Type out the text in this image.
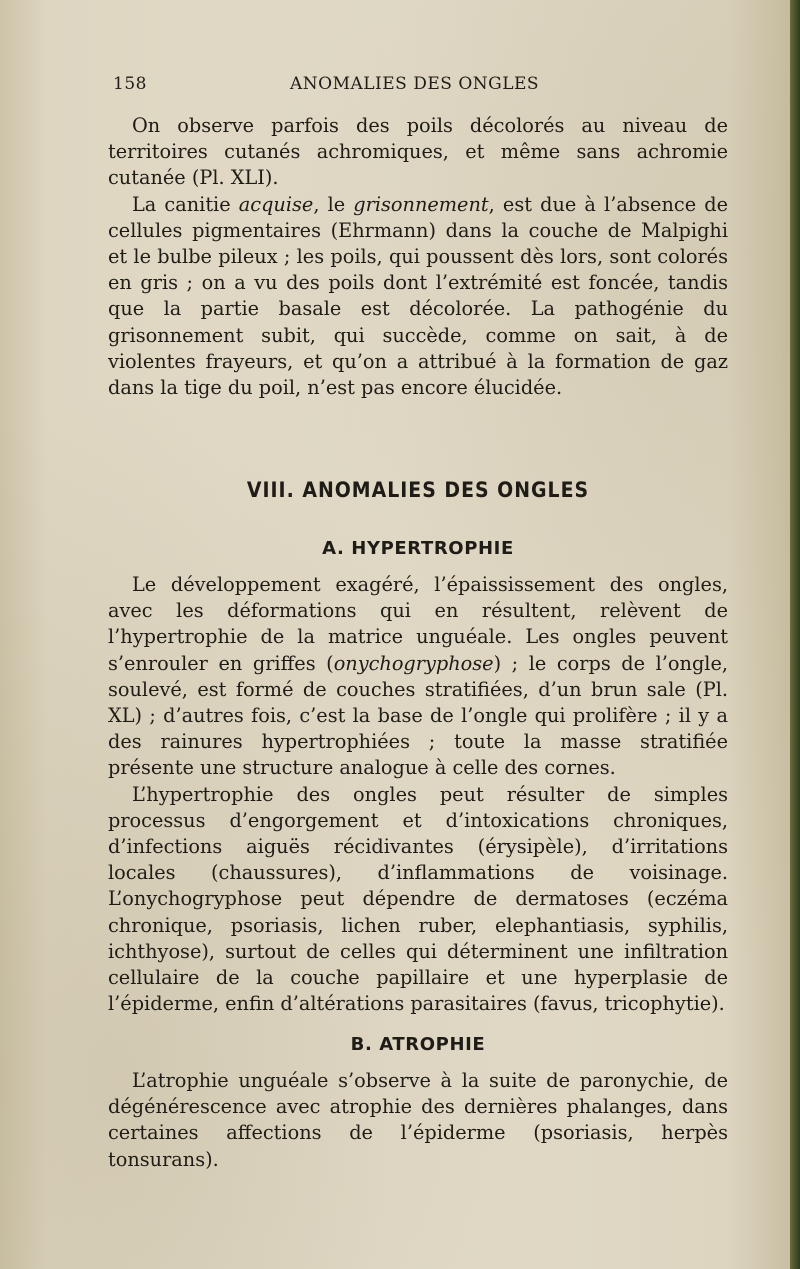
158	ANOMALIES DES ONGLES

On observe parfois des poils décolorés au niveau de territoires cutanés achromiques, et même sans achromie cutanée (Pl. XLI).

La canitie acquise, le grisonnement, est due à l’absence de cellules pigmentaires (Ehrmann) dans la couche de Malpighi et le bulbe pileux ; les poils, qui poussent dès lors, sont colorés en gris ; on a vu des poils dont l’extrémité est foncée, tandis que la partie basale est décolorée. La pathogénie du grisonnement subit, qui succède, comme on sait, à de violentes frayeurs, et qu’on a attribué à la formation de gaz dans la tige du poil, n’est pas encore élucidée.

VIII. ANOMALIES DES ONGLES
A. HYPERTROPHIE

Le développement exagéré, l’épaississement des ongles, avec les déformations qui en résultent, relèvent de l’hypertrophie de la matrice unguéale. Les ongles peuvent s’enrouler en griffes (onychogryphose) ; le corps de l’ongle, soulevé, est formé de couches stratifiées, d’un brun sale (Pl. XL) ; d’autres fois, c’est la base de l’ongle qui prolifère ; il y a des rainures hypertrophiées ; toute la masse stratifiée présente une structure analogue à celle des cornes.

L’hypertrophie des ongles peut résulter de simples processus d’engorgement et d’intoxications chroniques, d’infections aiguës récidivantes (érysipèle), d’irritations locales (chaussures), d’inflammations de voisinage. L’onychogryphose peut dépendre de dermatoses (eczéma chronique, psoriasis, lichen ruber, elephantiasis, syphilis, ichthyose), surtout de celles qui déterminent une infiltration cellulaire de la couche papillaire et une hyperplasie de l’épiderme, enfin d’altérations parasitaires (favus, tricophytie).

B. ATROPHIE

L’atrophie unguéale s’observe à la suite de paronychie, de dégénérescence avec atrophie des dernières phalanges, dans certaines affections de l’épiderme (psoriasis, herpès tonsurans).
